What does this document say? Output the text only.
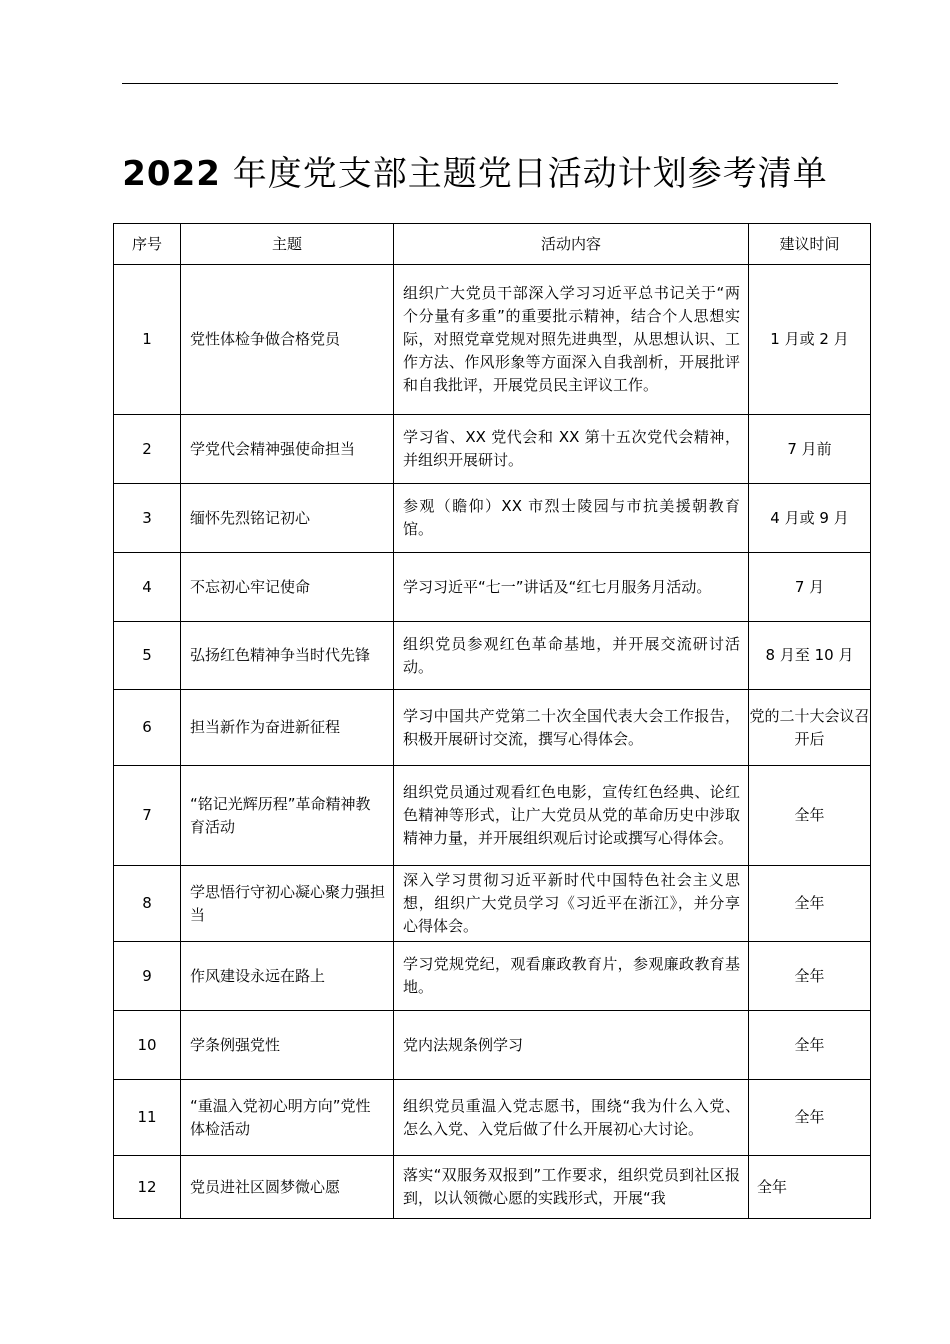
2022 年度党支部主题党日活动计划参考清单
序号	主题	活动内容	建议时间
1	党性体检争做合格党员	组织广大党员干部深入学习习近平总书记关于“两个分量有多重”的重要批示精神，结合个人思想实际，对照党章党规对照先进典型，从思想认识、工作方法、作风形象等方面深入自我剖析，开展批评和自我批评，开展党员民主评议工作。	1 月或 2 月
2	学党代会精神强使命担当	学习省、XX 党代会和 XX 第十五次党代会精神，并组织开展研讨。	7 月前
3	缅怀先烈铭记初心	参观（瞻仰）XX 市烈士陵园与市抗美援朝教育馆。	4 月或 9 月
4	不忘初心牢记使命	学习习近平“七一”讲话及“红七月服务月活动。	7 月
5	弘扬红色精神争当时代先锋	组织党员参观红色革命基地，并开展交流研讨活动。	8 月至 10 月
6	担当新作为奋进新征程	学习中国共产党第二十次全国代表大会工作报告，积极开展研讨交流，撰写心得体会。	党的二十大会议召开后
7	“铭记光辉历程”革命精神教育活动	组织党员通过观看红色电影，宣传红色经典、论红色精神等形式，让广大党员从党的革命历史中涉取精神力量，并开展组织观后讨论或撰写心得体会。	全年
8	学思悟行守初心凝心聚力强担当	深入学习贯彻习近平新时代中国特色社会主义思想，组织广大党员学习《习近平在浙江》，并分享心得体会。	全年
9	作风建设永远在路上	学习党规党纪，观看廉政教育片，参观廉政教育基地。	全年
10	学条例强党性	党内法规条例学习	全年
11	“重温入党初心明方向”党性体检活动	组织党员重温入党志愿书，围绕“我为什么入党、怎么入党、入党后做了什么开展初心大讨论。	全年
12	党员进社区圆梦微心愿	落实“双服务双报到”工作要求，组织党员到社区报到，以认领微心愿的实践形式，开展“我	全年
